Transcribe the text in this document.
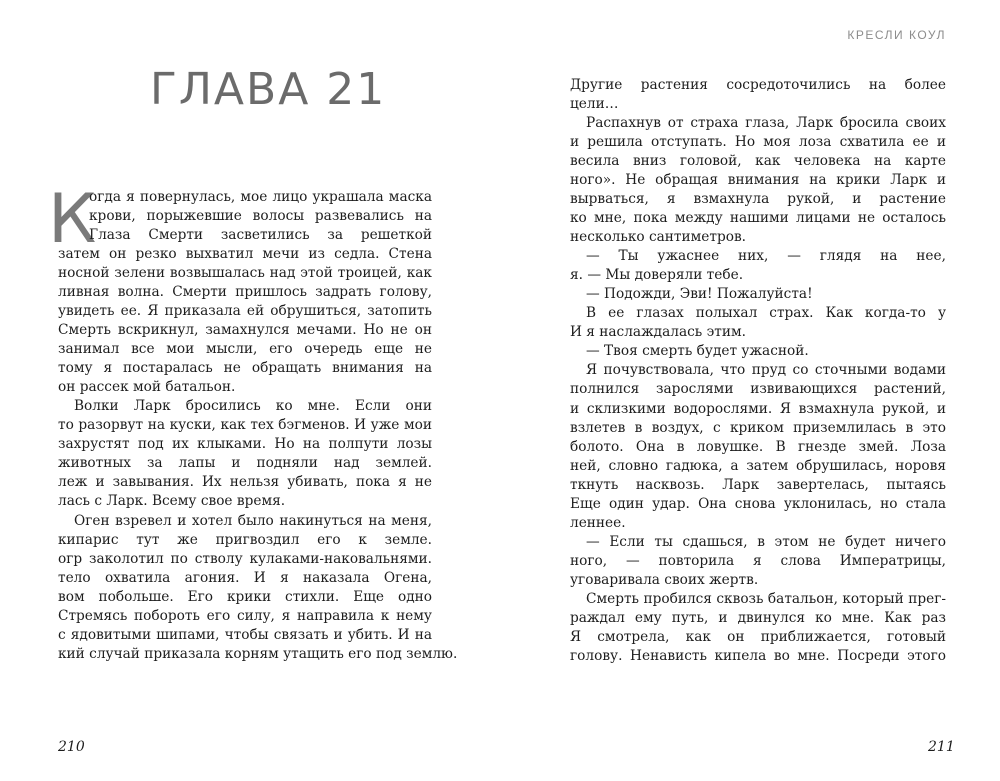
ГЛАВА 21
К
огда я повернулась, мое лицо украшала маска
крови, порыжевшие волосы развевались на
Глаза Смерти засветились за решеткой
затем он резко выхватил мечи из седла. Стена
носной зелени возвышалась над этой троицей, как
ливная волна. Смерти пришлось задрать голову,
увидеть ее. Я приказала ей обрушиться, затопить
Смерть вскрикнул, замахнулся мечами. Но не он
занимал все мои мысли, его очередь еще не
тому я постаралась не обращать внимания на
он рассек мой батальон.
Волки Ларк бросились ко мне. Если они
то разорвут на куски, как тех бэгменов. И уже мои
захрустят под их клыками. Но на полпути лозы
животных за лапы и подняли над землей.
леж и завывания. Их нельзя убивать, пока я не
лась с Ларк. Всему свое время.
Оген взревел и хотел было накинуться на меня,
кипарис тут же пригвоздил его к земле.
огр заколотил по стволу кулаками-наковальнями.
тело охватила агония. И я наказала Огена,
вом побольше. Его крики стихли. Еще одно
Стремясь побороть его силу, я направила к нему
с ядовитыми шипами, чтобы связать и убить. И на
кий случай приказала корням утащить его под землю.
210
КРЕСЛИ КОУЛ
Другие растения сосредоточились на более
цели…
Распахнув от страха глаза, Ларк бросила своих
и решила отступать. Но моя лоза схватила ее и
весила вниз головой, как человека на карте
ного». Не обращая внимания на крики Ларк и
вырваться, я взмахнула рукой, и растение
ко мне, пока между нашими лицами не осталось
несколько сантиметров.
— Ты ужаснее них, — глядя на нее,
я. — Мы доверяли тебе.
— Подожди, Эви! Пожалуйста!
В ее глазах полыхал страх. Как когда-то у
И я наслаждалась этим.
— Твоя смерть будет ужасной.
Я почувствовала, что пруд со сточными водами
полнился зарослями извивающихся растений,
и склизкими водорослями. Я взмахнула рукой, и
взлетев в воздух, с криком приземлилась в это
болото. Она в ловушке. В гнезде змей. Лоза
ней, словно гадюка, а затем обрушилась, норовя
ткнуть насквозь. Ларк завертелась, пытаясь
Еще один удар. Она снова уклонилась, но стала
леннее.
— Если ты сдашься, в этом не будет ничего
ного, — повторила я слова Императрицы,
уговаривала своих жертв.
Смерть пробился сквозь батальон, который прег-
раждал ему путь, и двинулся ко мне. Как раз
Я смотрела, как он приближается, готовый
голову. Ненависть кипела во мне. Посреди этого
211
